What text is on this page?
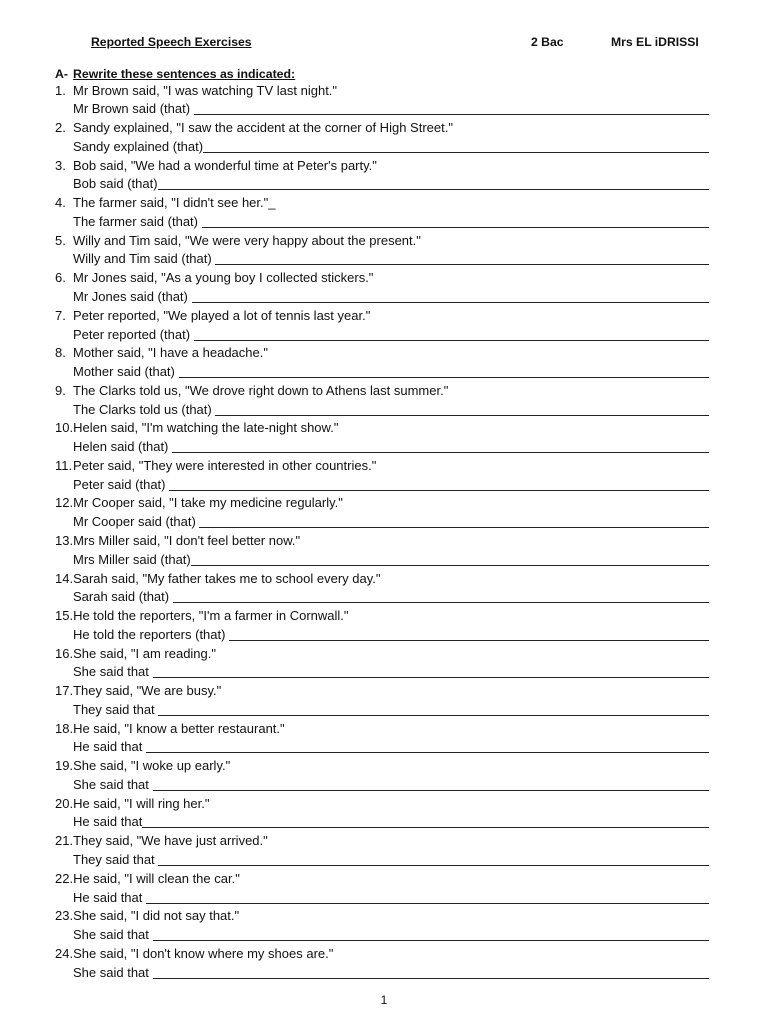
Reported Speech Exercises	2 Bac	Mrs EL iDRISSI
A- Rewrite these sentences as indicated:
1. Mr Brown said, "I was watching TV last night."
Mr Brown said (that)
2. Sandy explained, "I saw the accident at the corner of High Street."
Sandy explained (that)
3. Bob said, "We had a wonderful time at Peter's party."
Bob said (that)
4. The farmer said, "I didn't see her."_
The farmer said (that)
5. Willy and Tim said, "We were very happy about the present."
Willy and Tim said (that)
6. Mr Jones said, "As a young boy I collected stickers."
Mr Jones said (that)
7. Peter reported, "We played a lot of tennis last year."
Peter reported (that)
8. Mother said, "I have a headache."
Mother said (that)
9. The Clarks told us, "We drove right down to Athens last summer."
The Clarks told us (that)
10. Helen said, "I'm watching the late-night show."
Helen said (that)
11. Peter said, "They were interested in other countries."
Peter said (that)
12. Mr Cooper said, "I take my medicine regularly."
Mr Cooper said (that)
13. Mrs Miller said, "I don't feel better now."
Mrs Miller said (that)
14. Sarah said, "My father takes me to school every day."
Sarah said (that)
15. He told the reporters, "I'm a farmer in Cornwall."
He told the reporters (that)
16. She said, "I am reading."
She said that
17. They said, "We are busy."
They said that
18. He said, "I know a better restaurant."
He said that
19. She said, "I woke up early."
She said that
20. He said, "I will ring her."
He said that
21. They said, "We have just arrived."
They said that
22. He said, "I will clean the car."
He said that
23. She said, "I did not say that."
She said that
24. She said, "I don't know where my shoes are."
She said that
1
